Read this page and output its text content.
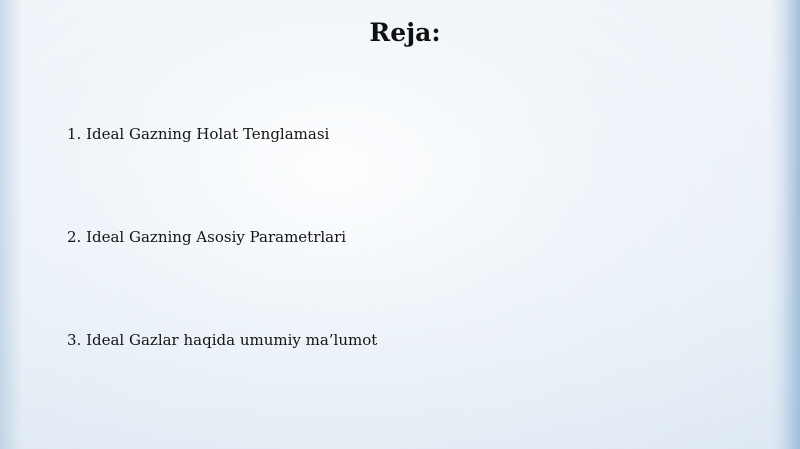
Reja:
1. Ideal Gazning Holat Tenglamasi
2. Ideal Gazning Asosiy Parametrlari
3. Ideal Gazlar haqida umumiy ma’lumot
